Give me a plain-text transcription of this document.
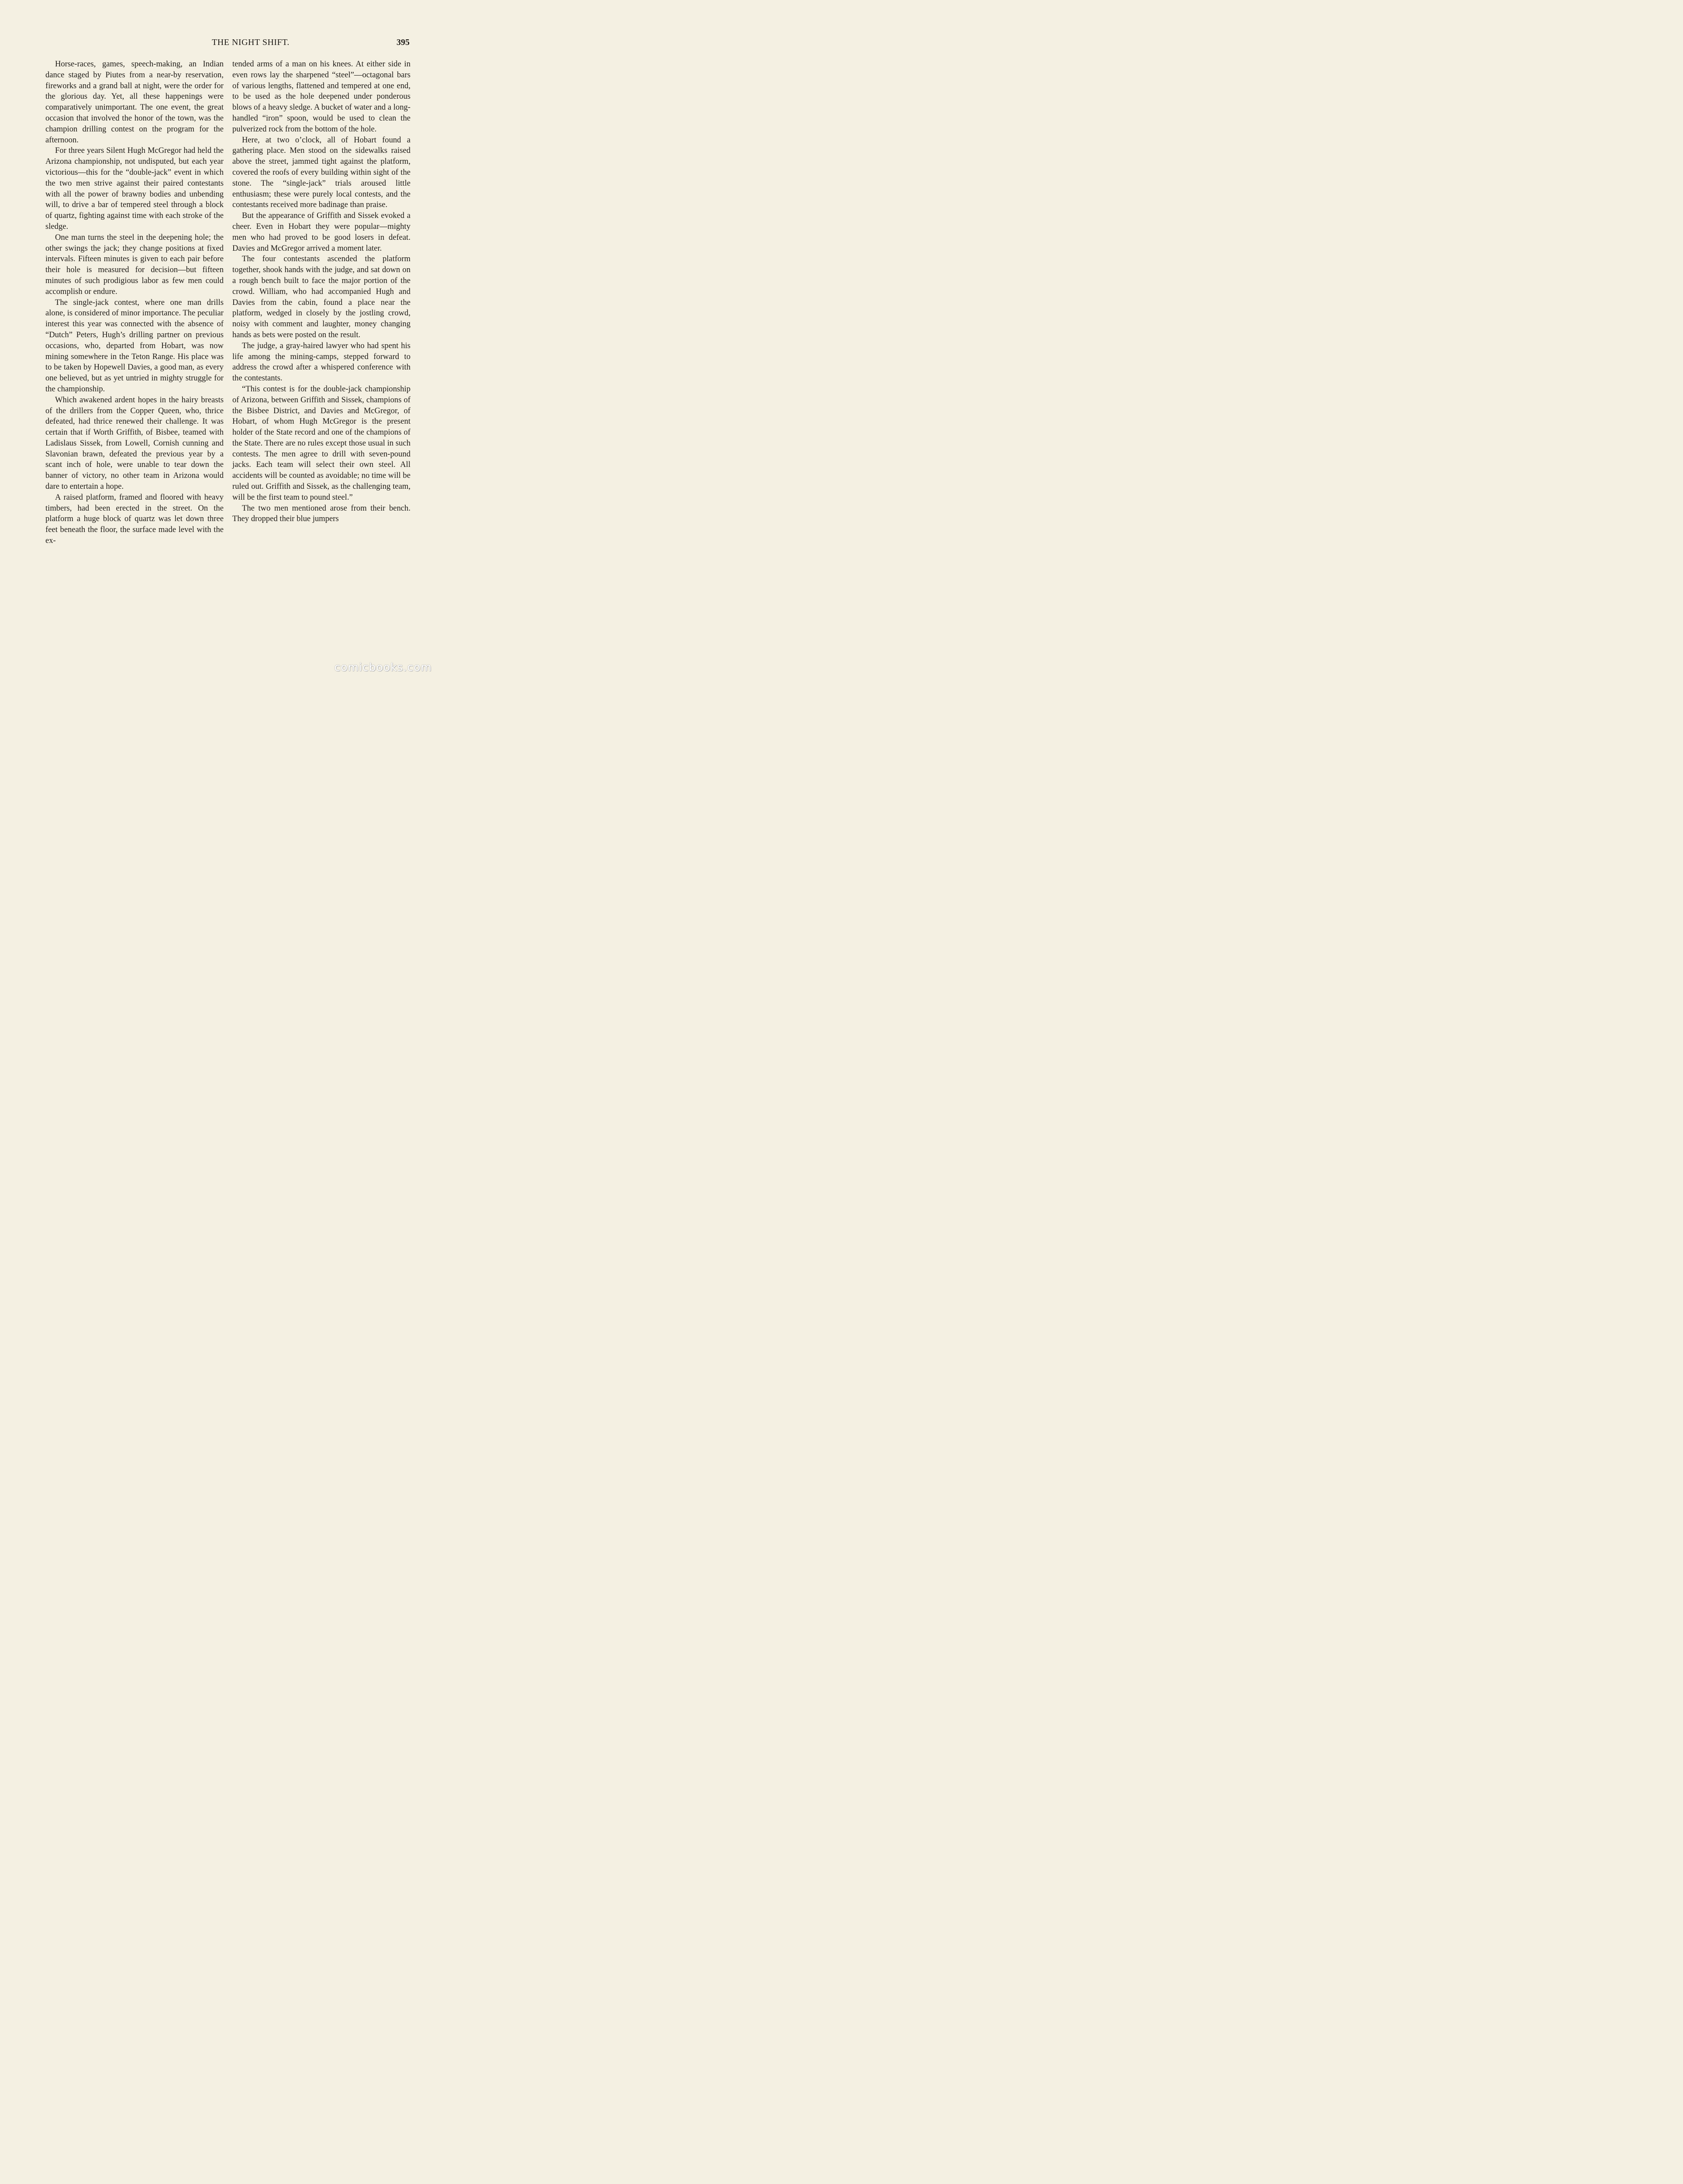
THE NIGHT SHIFT.	395

Horse-races, games, speech-making, an Indian dance staged by Piutes from a near-by reservation, fireworks and a grand ball at night, were the order for the glorious day. Yet, all these happenings were comparatively unimportant. The one event, the great occasion that involved the honor of the town, was the champion drilling contest on the program for the afternoon.

For three years Silent Hugh McGregor had held the Arizona championship, not undisputed, but each year victorious—this for the “double-jack” event in which the two men strive against their paired contestants with all the power of brawny bodies and unbending will, to drive a bar of tempered steel through a block of quartz, fighting against time with each stroke of the sledge.

One man turns the steel in the deepening hole; the other swings the jack; they change positions at fixed intervals. Fifteen minutes is given to each pair before their hole is measured for decision—but fifteen minutes of such prodigious labor as few men could accomplish or endure.

The single-jack contest, where one man drills alone, is considered of minor importance. The peculiar interest this year was connected with the absence of “Dutch” Peters, Hugh’s drilling partner on previous occasions, who, departed from Hobart, was now mining somewhere in the Teton Range. His place was to be taken by Hopewell Davies, a good man, as every one believed, but as yet untried in mighty struggle for the championship.

Which awakened ardent hopes in the hairy breasts of the drillers from the Copper Queen, who, thrice defeated, had thrice renewed their challenge. It was certain that if Worth Griffith, of Bisbee, teamed with Ladislaus Sissek, from Lowell, Cornish cunning and Slavonian brawn, defeated the previous year by a scant inch of hole, were unable to tear down the banner of victory, no other team in Arizona would dare to entertain a hope.

A raised platform, framed and floored with heavy timbers, had been erected in the street. On the platform a huge block of quartz was let down three feet beneath the floor, the surface made level with the ex-

tended arms of a man on his knees. At either side in even rows lay the sharpened “steel”—octagonal bars of various lengths, flattened and tempered at one end, to be used as the hole deepened under ponderous blows of a heavy sledge. A bucket of water and a long-handled “iron” spoon, would be used to clean the pulverized rock from the bottom of the hole.

Here, at two o’clock, all of Hobart found a gathering place. Men stood on the sidewalks raised above the street, jammed tight against the platform, covered the roofs of every building within sight of the stone. The “single-jack” trials aroused little enthusiasm; these were purely local contests, and the contestants received more badinage than praise.

But the appearance of Griffith and Sissek evoked a cheer. Even in Hobart they were popular—mighty men who had proved to be good losers in defeat. Davies and McGregor arrived a moment later.

The four contestants ascended the platform together, shook hands with the judge, and sat down on a rough bench built to face the major portion of the crowd. William, who had accompanied Hugh and Davies from the cabin, found a place near the platform, wedged in closely by the jostling crowd, noisy with comment and laughter, money changing hands as bets were posted on the result.

The judge, a gray-haired lawyer who had spent his life among the mining-camps, stepped forward to address the crowd after a whispered conference with the contestants.

“This contest is for the double-jack championship of Arizona, between Griffith and Sissek, champions of the Bisbee District, and Davies and McGregor, of Hobart, of whom Hugh McGregor is the present holder of the State record and one of the champions of the State. There are no rules except those usual in such contests. The men agree to drill with seven-pound jacks. Each team will select their own steel. All accidents will be counted as avoidable; no time will be ruled out. Griffith and Sissek, as the challenging team, will be the first team to pound steel.”

The two men mentioned arose from their bench. They dropped their blue jumpers

comicbooks.com
